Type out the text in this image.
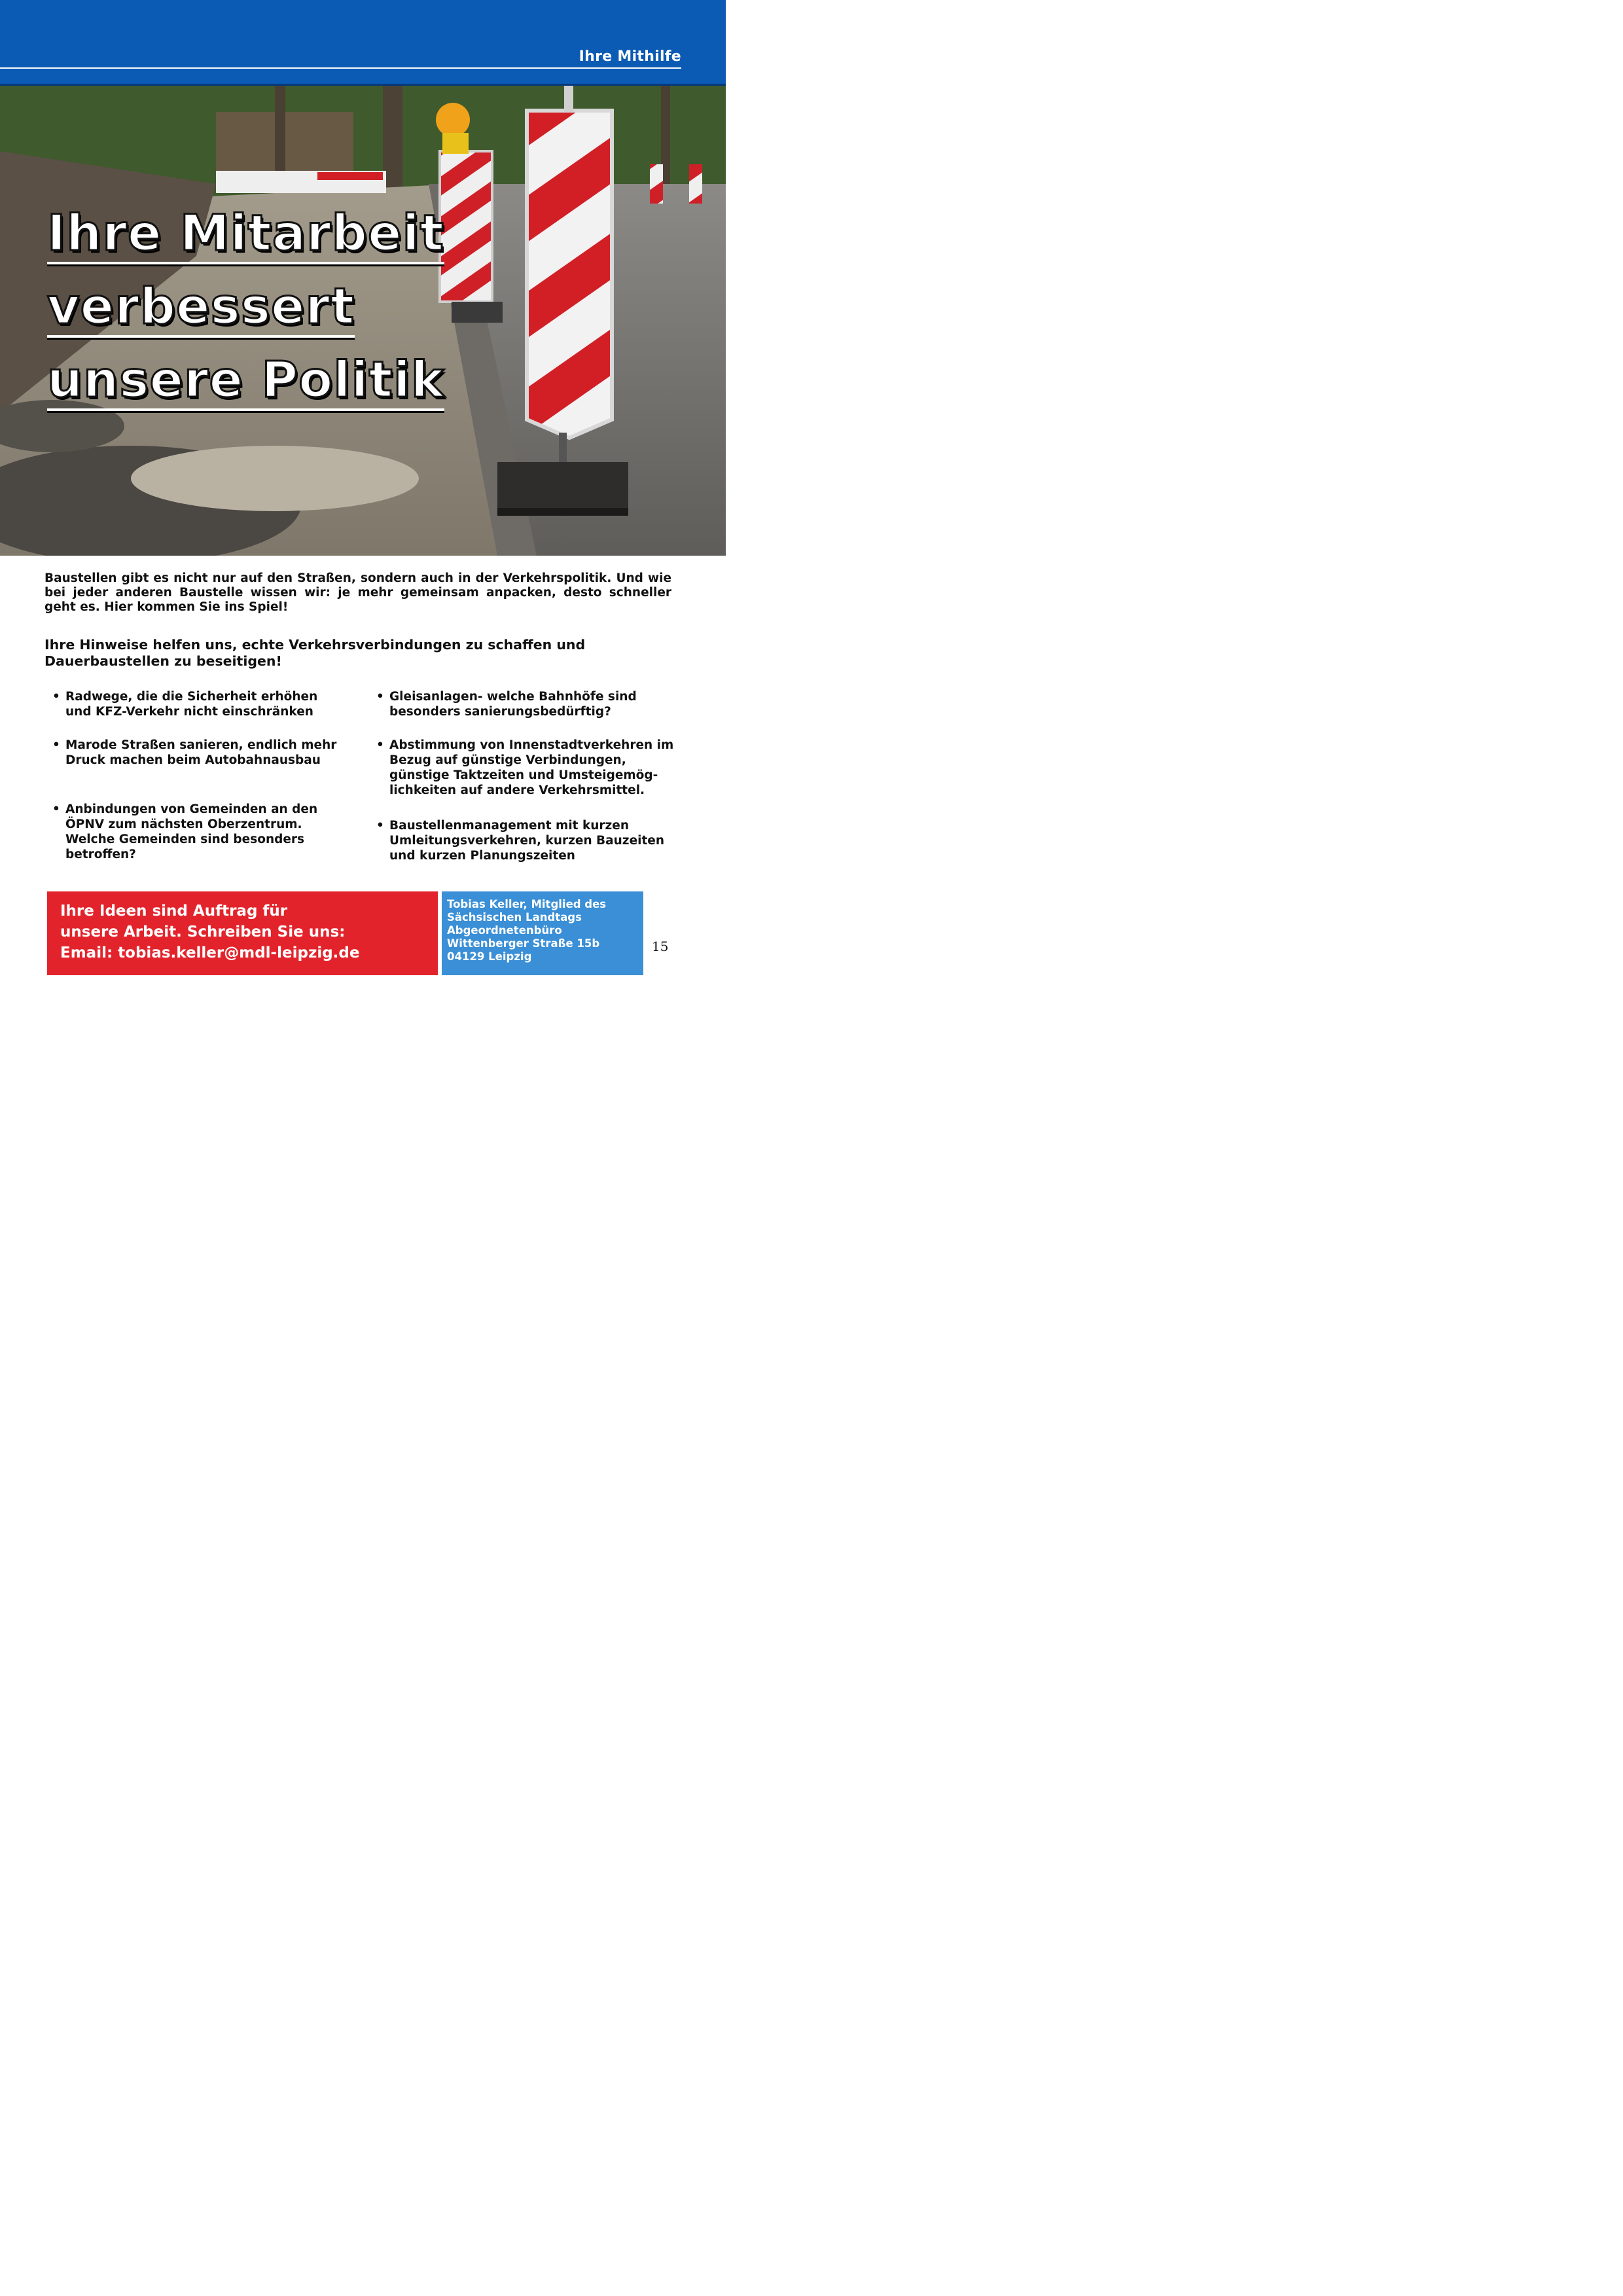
Ihre Mithilfe
Ihre Mitarbeit
verbessert
unsere Politik

Baustellen gibt es nicht nur auf den Straßen, sondern auch in der Verkehrspolitik. Und wie bei jeder anderen Baustelle wissen wir: je mehr gemeinsam anpacken, desto schneller geht es. Hier kommen Sie ins Spiel!

Ihre Hinweise helfen uns, echte Verkehrsverbindungen zu schaffen und Dauerbaustellen zu beseitigen!

• Radwege, die die Sicherheit erhöhen und KFZ-Verkehr nicht einschränken

• Marode Straßen sanieren, endlich mehr Druck machen beim Autobahnausbau

• Anbindungen von Gemeinden an den ÖPNV zum nächsten Oberzentrum. Welche Gemeinden sind besonders betroffen?

• Gleisanlagen- welche Bahnhöfe sind besonders sanierungsbedürftig?

• Abstimmung von Innenstadtverkehren im Bezug auf günstige Verbindungen, günstige Taktzeiten und Umsteigemög-lichkeiten auf andere Verkehrsmittel.

• Baustellenmanagement mit kurzen Umleitungsverkehren, kurzen Bauzeiten und kurzen Planungszeiten

Ihre Ideen sind Auftrag für
unsere Arbeit. Schreiben Sie uns:
Email: tobias.keller@mdl-leipzig.de

Tobias Keller, Mitglied des
Sächsischen Landtags
Abgeordnetenbüro
Wittenberger Straße 15b
04129 Leipzig

15
